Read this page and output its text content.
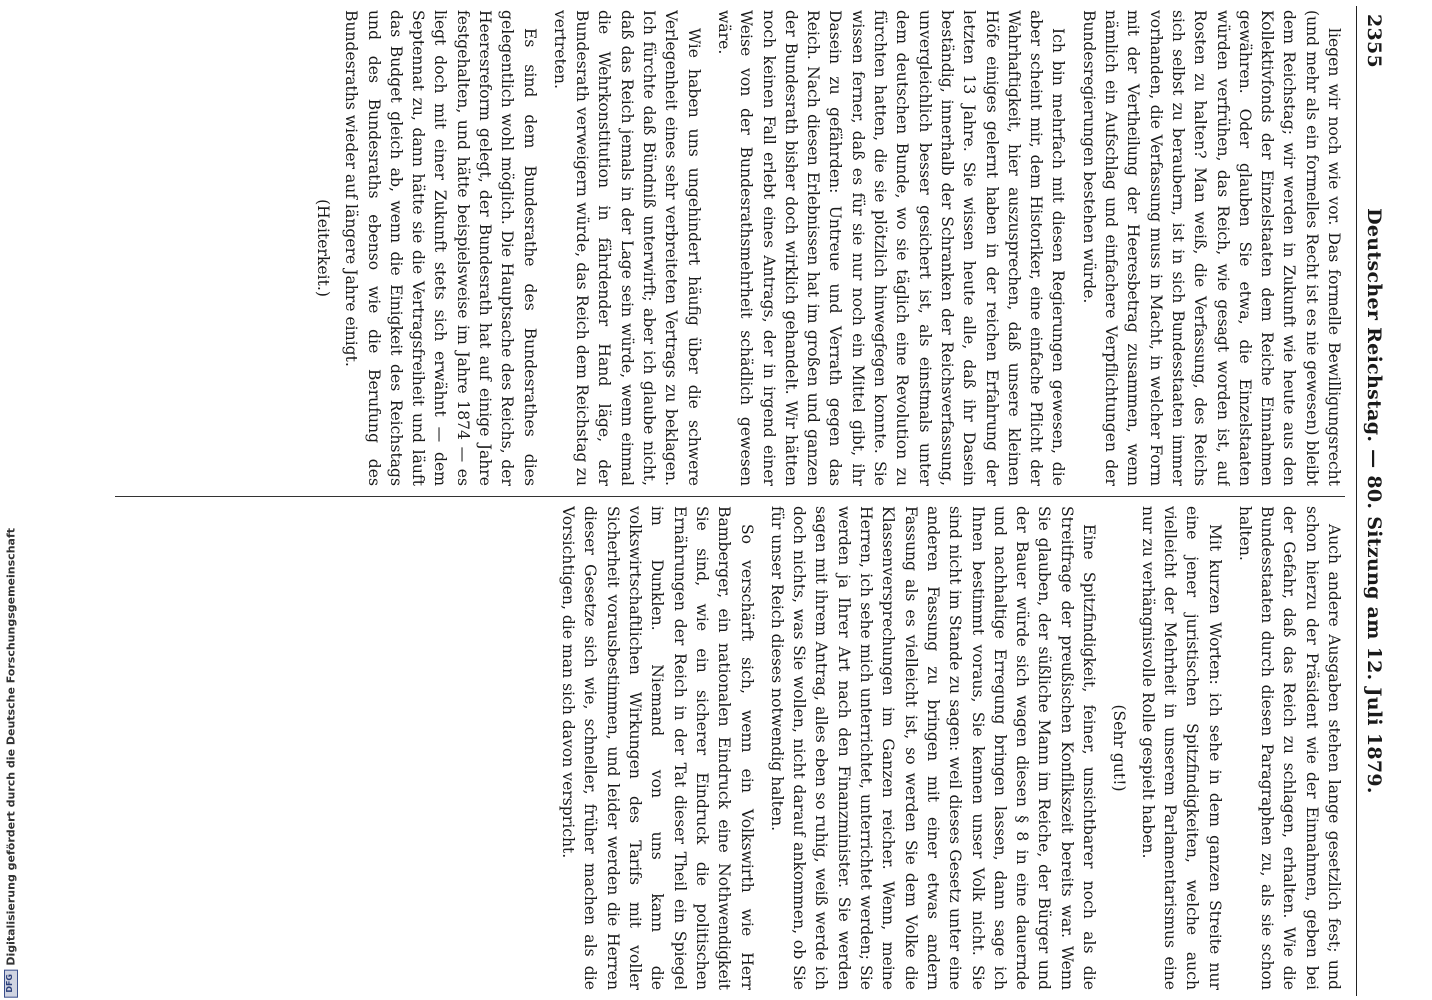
2355
Deutscher Reichstag. — 80. Sitzung am 12. Juli 1879.

liegen wir noch wie vor. Das formelle Bewilligungsrecht (und mehr als ein formelles Recht ist es nie gewesen) bleibt dem Reichstag; wir werden in Zukunft wie heute aus den Kollektivfonds der Einzelstaaten dem Reiche Einnahmen gewähren. Oder glauben Sie etwa, die Einzelstaaten würden verfrühen, das Reich, wie gesagt worden ist, auf Rosten zu halten? Man weiß, die Verfassung, des Reichs sich selbst zu beraubern, ist in sich Bundesstaaten immer vorhanden, die Verfassung muss in Macht, in welcher Form mit der Vertheilung der Heeresbetrag zusammen, wenn nämlich ein Aufschlag und einfachere Verpflichtungen der Bundesregierungen bestehen würde.

Ich bin mehrfach mit diesen Regierungen gewesen, die aber scheint mir, dem Historiker, eine einfache Pflicht der Wahrhaftigkeit, hier auszusprechen, daß unsere kleinen Höfe einiges gelernt haben in der reichen Erfahrung der letzten 13 Jahre. Sie wissen heute alle, daß ihr Dasein beständig, innerhalb der Schranken der Reichsverfassung, unvergleichlich besser gesichert ist, als einstmals unter dem deutschen Bunde, wo sie täglich eine Revolution zu fürchten hatten, die sie plötzlich hinwegfegen konnte. Sie wissen ferner, daß es für sie nur noch ein Mittel gibt, ihr Dasein zu gefährden: Untreue und Verrath gegen das Reich. Nach diesen Erlebnissen hat im großen und ganzen der Bundesrath bisher doch wirklich gehandelt. Wir hätten noch keinen Fall erlebt eines Antrags, der in irgend einer Weise von der Bundesrathsmehrheit schädlich gewesen wäre.

Wie haben uns ungehindert häufig über die schwere Verlegenheit eines sehr verbreiteten Vertrags zu beklagen. Ich fürchte daß Bündniß unterwirft; aber ich glaube nicht, daß das Reich jemals in der Lage sein würde, wenn einmal die Wehrkonstitution in fährdender Hand läge, der Bundesrath verweigern würde, das Reich dem Reichstag zu vertreten.

Es sind dem Bundesrathe des Bundesrathes dies gelegentlich wohl möglich. Die Hauptsache des Reichs, der Heeresreform gelegt, der Bundesrath hat auf einige Jahre festgehalten, und hätte beispielsweise im Jahre 1874 — es liegt doch mit einer Zukunft stets sich erwähnt — dem Septennat zu, dann hätte sie die Vertragsfreiheit und läuft das Budget gleich ab, wenn die Einigkeit des Reichstags und des Bundesraths ebenso wie die Berufung des Bundesraths wieder auf längere Jahre einigt.

(Heiterkeit.)

Auch andere Ausgaben stehen lange gesetzlich fest; und schon hierzu der Präsident wie der Einnahmen, geben bei der Gefahr, daß das Reich zu schlagen, erhalten. Wie die Bundesstaaten durch diesen Paragraphen zu, als sie schon halten.

Mit kurzen Worten: ich sehe in dem ganzen Streite nur eine jener juristischen Spitzfindigkeiten, welche auch vielleicht der Mehrheit in unserem Parlamentarismus eine nur zu verhängnisvolle Rolle gespielt haben.

(Sehr gut!)

Eine Spitzfindigkeit, feiner, unsichtbarer noch als die Streitfrage der preußischen Konflikszeit bereits war. Wenn Sie glauben, der süßliche Mann im Reiche, der Bürger und der Bauer würde sich wagen diesen § 8 in eine dauernde und nachhaltige Erregung bringen lassen, dann sage ich Ihnen bestimmt voraus, Sie kennen unser Volk nicht. Sie sind nicht im Stande zu sagen: weil dieses Gesetz unter eine anderen Fassung zu bringen mit einer etwas andern Fassung als es vielleicht ist, so werden Sie dem Volke die Klassenversprechungen im Ganzen reicher. Wenn, meine Herren, ich sehe mich unterrichtet, unterrichtet werden; Sie werden ja Ihrer Art nach den Finanzminister. Sie werden sagen mit ihrem Antrag, alles eben so ruhig, weiß werde ich doch nichts, was Sie wollen, nicht darauf ankommen, ob Sie für unser Reich dieses notwendig halten.

So verschärft sich, wenn ein Volkswirth wie Herr Bamberger, ein nationalen Eindruck eine Nothwendigkeit Sie sind, wie ein sicherer Eindruck die politischen Ernährungen der Reich in der Tat dieser Theil ein Spiegel im Dunklen. Niemand von uns kann die volkswirtschaftlichen Wirkungen des Tarifs mit voller Sicherheit vorausbestimmen, und leider werden die Herren dieser Gesetze sich wie, schneller, früher machen als die Vorsichtigen, die man sich davon verspricht.

DFG
Digitalisierung gefördert durch die Deutsche Forschungsgemeinschaft
